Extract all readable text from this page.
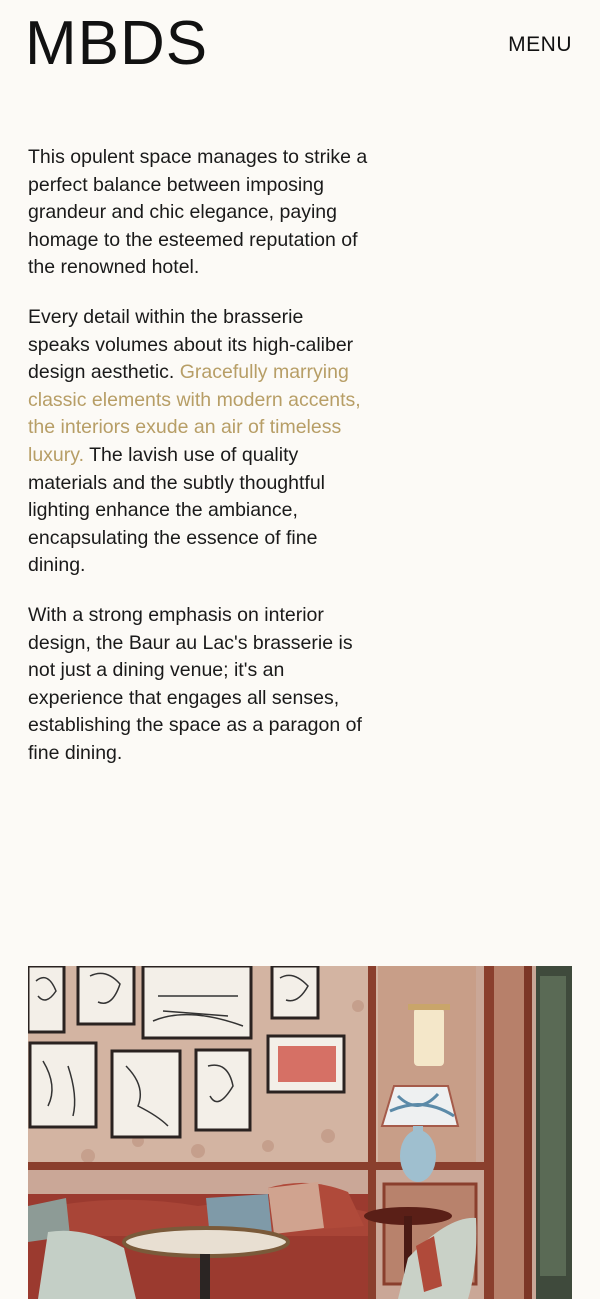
MBDS	MENU

This opulent space manages to strike a perfect balance between imposing grandeur and chic elegance, paying homage to the esteemed reputation of the renowned hotel.

Every detail within the brasserie speaks volumes about its high-caliber design aesthetic. Gracefully marrying classic elements with modern accents, the interiors exude an air of timeless luxury. The lavish use of quality materials and the subtly thoughtful lighting enhance the ambiance, encapsulating the essence of fine dining.

With a strong emphasis on interior design, the Baur au Lac's brasserie is not just a dining venue; it's an experience that engages all senses, establishing the space as a paragon of fine dining.
